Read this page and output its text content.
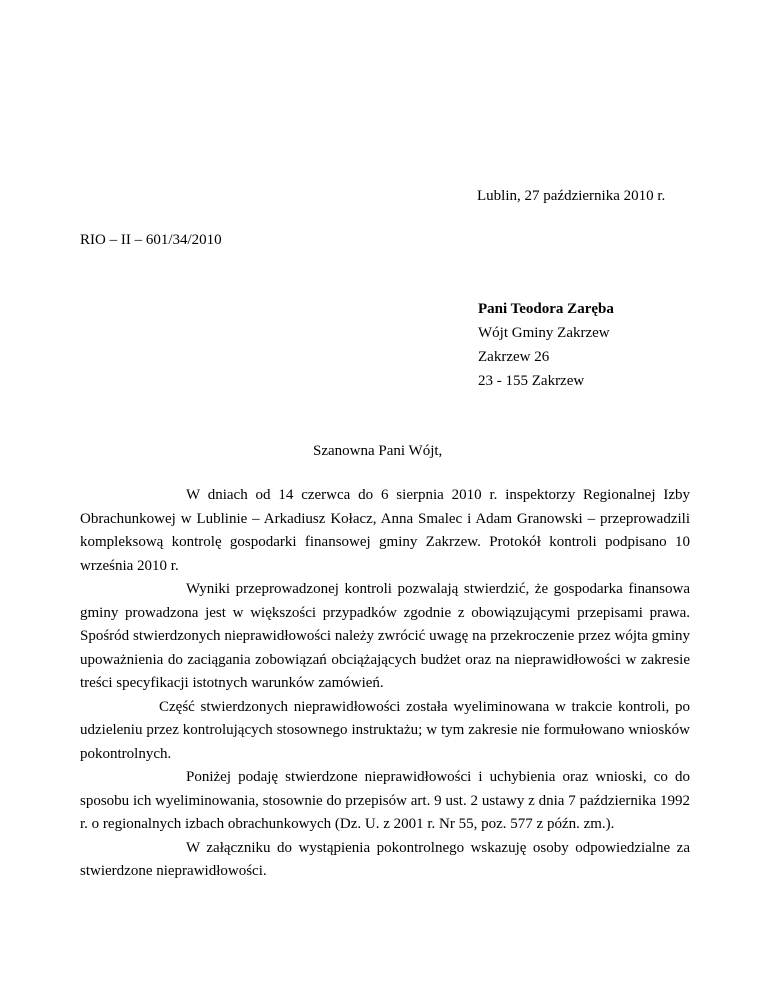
Lublin, 27 października 2010 r.
RIO – II – 601/34/2010
Pani Teodora Zaręba
Wójt Gminy Zakrzew
Zakrzew 26
23 - 155 Zakrzew
Szanowna Pani Wójt,

W dniach od 14 czerwca do 6 sierpnia 2010 r. inspektorzy Regionalnej Izby Obrachunkowej w Lublinie – Arkadiusz Kołacz, Anna Smalec i Adam Granowski – przeprowadzili kompleksową kontrolę gospodarki finansowej gminy Zakrzew. Protokół kontroli podpisano 10 września 2010 r.

Wyniki przeprowadzonej kontroli pozwalają stwierdzić, że gospodarka finansowa gminy prowadzona jest w większości przypadków zgodnie z obowiązującymi przepisami prawa. Spośród stwierdzonych nieprawidłowości należy zwrócić uwagę na przekroczenie przez wójta gminy upoważnienia do zaciągania zobowiązań obciążających budżet oraz na nieprawidłowości w zakresie treści specyfikacji istotnych warunków zamówień.

Część stwierdzonych nieprawidłowości została wyeliminowana w trakcie kontroli, po udzieleniu przez kontrolujących stosownego instruktażu; w tym zakresie nie formułowano wniosków pokontrolnych.

Poniżej podaję stwierdzone nieprawidłowości i uchybienia oraz wnioski, co do sposobu ich wyeliminowania, stosownie do przepisów art. 9 ust. 2 ustawy z dnia 7 października 1992 r. o regionalnych izbach obrachunkowych (Dz. U. z 2001 r. Nr 55, poz. 577 z późn. zm.).

W załączniku do wystąpienia pokontrolnego wskazuję osoby odpowiedzialne za stwierdzone nieprawidłowości.
